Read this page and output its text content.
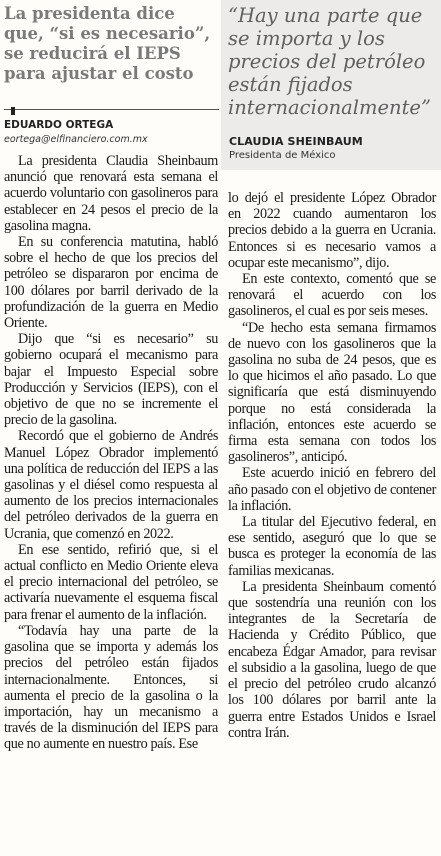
La presidenta dice que, “si es necesario”, se reducirá el IEPS para ajustar el costo
EDUARDO ORTEGA
eortega@elfinanciero.com.mx

“Hay una parte que se importa y los precios del petróleo están fijados internacionalmente”

CLAUDIA SHEINBAUM
Presidenta de México

La presidenta Claudia Sheinbaum anunció que renovará esta semana el acuerdo voluntario con gasolineros para establecer en 24 pesos el precio de la gasolina magna.

En su conferencia matutina, habló sobre el hecho de que los precios del petróleo se dispararon por encima de 100 dólares por barril derivado de la profundización de la guerra en Medio Oriente.

Dijo que “si es necesario” su gobierno ocupará el mecanismo para bajar el Impuesto Especial sobre Producción y Servicios (IEPS), con el objetivo de que no se incremente el precio de la gasolina.

Recordó que el gobierno de Andrés Manuel López Obrador implementó una política de reducción del IEPS a las gasolinas y el diésel como respuesta al aumento de los precios internacionales del petróleo derivados de la guerra en Ucrania, que comenzó en 2022.

En ese sentido, refirió que, si el actual conflicto en Medio Oriente eleva el precio internacional del petróleo, se activaría nuevamente el esquema fiscal para frenar el aumento de la inflación.

“Todavía hay una parte de la gasolina que se importa y además los precios del petróleo están fijados internacionalmente. Entonces, si aumenta el precio de la gasolina o la importación, hay un mecanismo a través de la disminución del IEPS para que no aumente en nuestro país. Ese

lo dejó el presidente López Obrador en 2022 cuando aumentaron los precios debido a la guerra en Ucrania. Entonces si es necesario vamos a ocupar este mecanismo”, dijo.

En este contexto, comentó que se renovará el acuerdo con los gasolineros, el cual es por seis meses.

“De hecho esta semana firmamos de nuevo con los gasolineros que la gasolina no suba de 24 pesos, que es lo que hicimos el año pasado. Lo que significaría que está disminuyendo porque no está considerada la inflación, entonces este acuerdo se firma esta semana con todos los gasolineros”, anticipó.

Este acuerdo inició en febrero del año pasado con el objetivo de contener la inflación.

La titular del Ejecutivo federal, en ese sentido, aseguró que lo que se busca es proteger la economía de las familias mexicanas.

La presidenta Sheinbaum comentó que sostendría una reunión con los integrantes de la Secretaría de Hacienda y Crédito Público, que encabeza Édgar Amador, para revisar el subsidio a la gasolina, luego de que el precio del petróleo crudo alcanzó los 100 dólares por barril ante la guerra entre Estados Unidos e Israel contra Irán.
